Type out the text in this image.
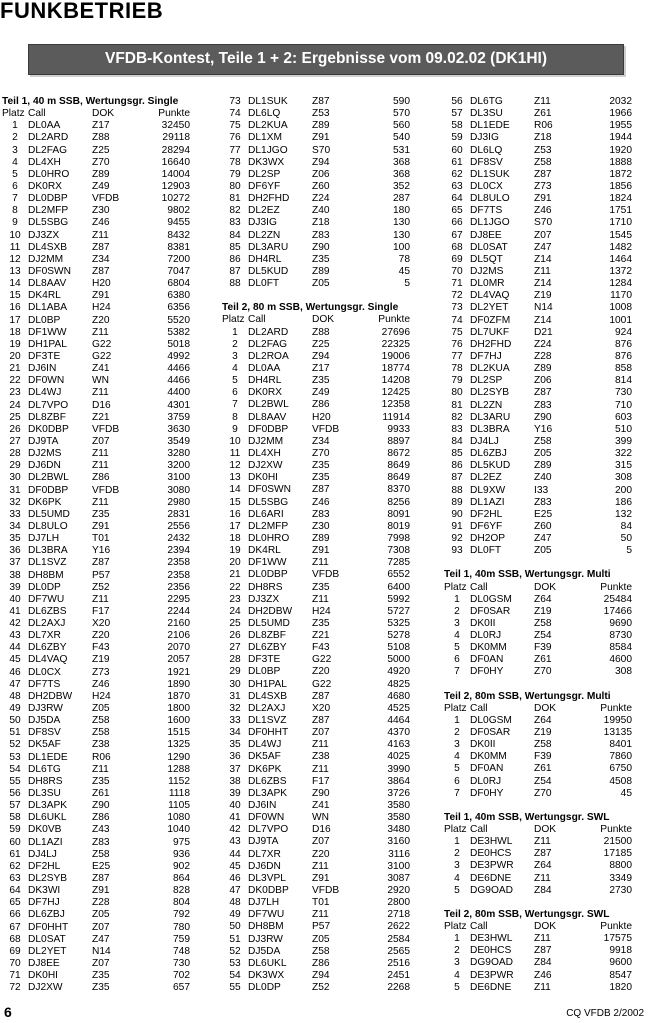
FUNKBETRIEB
VFDB-Kontest, Teile 1 + 2: Ergebnisse vom 09.02.02 (DK1HI)
Teil 1, 40 m SSB, Wertungsgr. Single
Platz Call	DOK	Punkte
1 DL0AA	Z17	32450
2 DL2ARD	Z88	29118
3 DL2FAG	Z25	28294
4 DL4XH	Z70	16640
5 DL0HRO	Z89	14004
6 DK0RX	Z49	12903
7 DL0DBP	VFDB	10272
8 DL2MFP	Z30	9802
9 DL5SBG	Z46	9455
10 DJ3ZX	Z11	8432
11 DL4SXB	Z87	8381
12 DJ2MM	Z34	7200
13 DF0SWN	Z87	7047
14 DL8AAV	H20	6804
15 DK4RL	Z91	6380
16 DL1ABA	H24	6356
17 DL0BP	Z20	5520
18 DF1WW	Z11	5382
19 DH1PAL	G22	5018
20 DF3TE	G22	4992
21 DJ6IN	Z41	4466
22 DF0WN	WN	4466
23 DL4WJ	Z11	4400
24 DL7VPO	D16	4301
25 DL8ZBF	Z21	3759
26 DK0DBP	VFDB	3630
27 DJ9TA	Z07	3549
28 DJ2MS	Z11	3280
29 DJ6DN	Z11	3200
30 DL2BWL	Z86	3100
31 DF0DBP	VFDB	3080
32 DK6PK	Z11	2980
33 DL5UMD	Z35	2831
34 DL8ULO	Z91	2556
35 DJ7LH	T01	2432
36 DL3BRA	Y16	2394
37 DL1SVZ	Z87	2358
38 DH8BM	P57	2358
39 DL0DP	Z52	2356
40 DF7WU	Z11	2295
41 DL6ZBS	F17	2244
42 DL2AXJ	X20	2160
43 DL7XR	Z20	2106
44 DL6ZBY	F43	2070
45 DL4VAQ	Z19	2057
46 DL0CX	Z73	1921
47 DF7TS	Z46	1890
48 DH2DBW	H24	1870
49 DJ3RW	Z05	1800
50 DJ5DA	Z58	1600
51 DF8SV	Z58	1515
52 DK5AF	Z38	1325
53 DL1EDE	R06	1290
54 DL6TG	Z11	1288
55 DH8RS	Z35	1152
56 DL3SU	Z61	1118
57 DL3APK	Z90	1105
58 DL6UKL	Z86	1080
59 DK0VB	Z43	1040
60 DL1AZI	Z83	975
61 DJ4LJ	Z58	936
62 DF2HL	E25	902
63 DL2SYB	Z87	864
64 DK3WI	Z91	828
65 DF7HJ	Z28	804
66 DL6ZBJ	Z05	792
67 DF0HHT	Z07	780
68 DL0SAT	Z47	759
69 DL2YET	N14	748
70 DJ8EE	Z07	730
71 DK0HI	Z35	702
72 DJ2XW	Z35	657
73 DL1SUK	Z87	590
74 DL6LQ	Z53	570
75 DL2KUA	Z89	560
76 DL1XM	Z91	540
77 DL1JGO	S70	531
78 DK3WX	Z94	368
79 DL2SP	Z06	368
80 DF6YF	Z60	352
81 DH2FHD	Z24	287
82 DL2EZ	Z40	180
83 DJ3IG	Z18	130
84 DL2ZN	Z83	130
85 DL3ARU	Z90	100
86 DH4RL	Z35	78
87 DL5KUD	Z89	45
88 DL0FT	Z05	5
Teil 2, 80 m SSB, Wertungsgr. Single
Platz Call	DOK	Punkte
1 DL2ARD	Z88	27696
2 DL2FAG	Z25	22325
3 DL2ROA	Z94	19006
4 DL0AA	Z17	18774
5 DH4RL	Z35	14208
6 DK0RX	Z49	12425
7 DL2BWL	Z86	12358
8 DL8AAV	H20	11914
9 DF0DBP	VFDB	9933
10 DJ2MM	Z34	8897
11 DL4XH	Z70	8672
12 DJ2XW	Z35	8649
13 DK0HI	Z35	8649
14 DF0SWN	Z87	8370
15 DL5SBG	Z46	8256
16 DL6ARI	Z83	8091
17 DL2MFP	Z30	8019
18 DL0HRO	Z89	7998
19 DK4RL	Z91	7308
20 DF1WW	Z11	7285
21 DL0DBP	VFDB	6552
22 DH8RS	Z35	6400
23 DJ3ZX	Z11	5992
24 DH2DBW	H24	5727
25 DL5UMD	Z35	5325
26 DL8ZBF	Z21	5278
27 DL6ZBY	F43	5108
28 DF3TE	G22	5000
29 DL0BP	Z20	4920
30 DH1PAL	G22	4825
31 DL4SXB	Z87	4680
32 DL2AXJ	X20	4525
33 DL1SVZ	Z87	4464
34 DF0HHT	Z07	4370
35 DL4WJ	Z11	4163
36 DK5AF	Z38	4025
37 DK6PK	Z11	3990
38 DL6ZBS	F17	3864
39 DL3APK	Z90	3726
40 DJ6IN	Z41	3580
41 DF0WN	WN	3580
42 DL7VPO	D16	3480
43 DJ9TA	Z07	3160
44 DL7XR	Z20	3116
45 DJ6DN	Z11	3100
46 DL3VPL	Z91	3087
47 DK0DBP	VFDB	2920
48 DJ7LH	T01	2800
49 DF7WU	Z11	2718
50 DH8BM	P57	2622
51 DJ3RW	Z05	2584
52 DJ5DA	Z58	2565
53 DL6UKL	Z86	2516
54 DK3WX	Z94	2451
55 DL0DP	Z52	2268
56 DL6TG	Z11	2032
57 DL3SU	Z61	1966
58 DL1EDE	R06	1955
59 DJ3IG	Z18	1944
60 DL6LQ	Z53	1920
61 DF8SV	Z58	1888
62 DL1SUK	Z87	1872
63 DL0CX	Z73	1856
64 DL8ULO	Z91	1824
65 DF7TS	Z46	1751
66 DL1JGO	S70	1710
67 DJ8EE	Z07	1545
68 DL0SAT	Z47	1482
69 DL5QT	Z14	1464
70 DJ2MS	Z11	1372
71 DL0MR	Z14	1284
72 DL4VAQ	Z19	1170
73 DL2YET	N14	1008
74 DF0ZFM	Z14	1001
75 DL7UKF	D21	924
76 DH2FHD	Z24	876
77 DF7HJ	Z28	876
78 DL2KUA	Z89	858
79 DL2SP	Z06	814
80 DL2SYB	Z87	730
81 DL2ZN	Z83	710
82 DL3ARU	Z90	603
83 DL3BRA	Y16	510
84 DJ4LJ	Z58	399
85 DL6ZBJ	Z05	322
86 DL5KUD	Z89	315
87 DL2EZ	Z40	308
88 DL9XW	I33	200
89 DL1AZI	Z83	186
90 DF2HL	E25	132
91 DF6YF	Z60	84
92 DH2OP	Z47	50
93 DL0FT	Z05	5
Teil 1, 40m SSB, Wertungsgr. Multi
Platz Call	DOK	Punkte
1 DL0GSM	Z64	25484
2 DF0SAR	Z19	17466
3 DK0II	Z58	9690
4 DL0RJ	Z54	8730
5 DK0MM	F39	8584
6 DF0AN	Z61	4600
7 DF0HY	Z70	308
Teil 2, 80m SSB, Wertungsgr. Multi
Platz Call	DOK	Punkte
1 DL0GSM	Z64	19950
2 DF0SAR	Z19	13135
3 DK0II	Z58	8401
4 DK0MM	F39	7860
5 DF0AN	Z61	6750
6 DL0RJ	Z54	4508
7 DF0HY	Z70	45
Teil 1, 40m SSB, Wertungsgr. SWL
Platz Call	DOK	Punkte
1 DE3HWL	Z11	21500
2 DE0HCS	Z87	17185
3 DE3PWR	Z64	8800
4 DE6DNE	Z11	3349
5 DG9OAD	Z84	2730
Teil 2, 80m SSB, Wertungsgr. SWL
Platz Call	DOK	Punkte
1 DE3HWL	Z11	17575
2 DE0HCS	Z87	9918
3 DG9OAD	Z84	9600
4 DE3PWR	Z46	8547
5 DE6DNE	Z11	1820
6	CQ VFDB 2/2002
